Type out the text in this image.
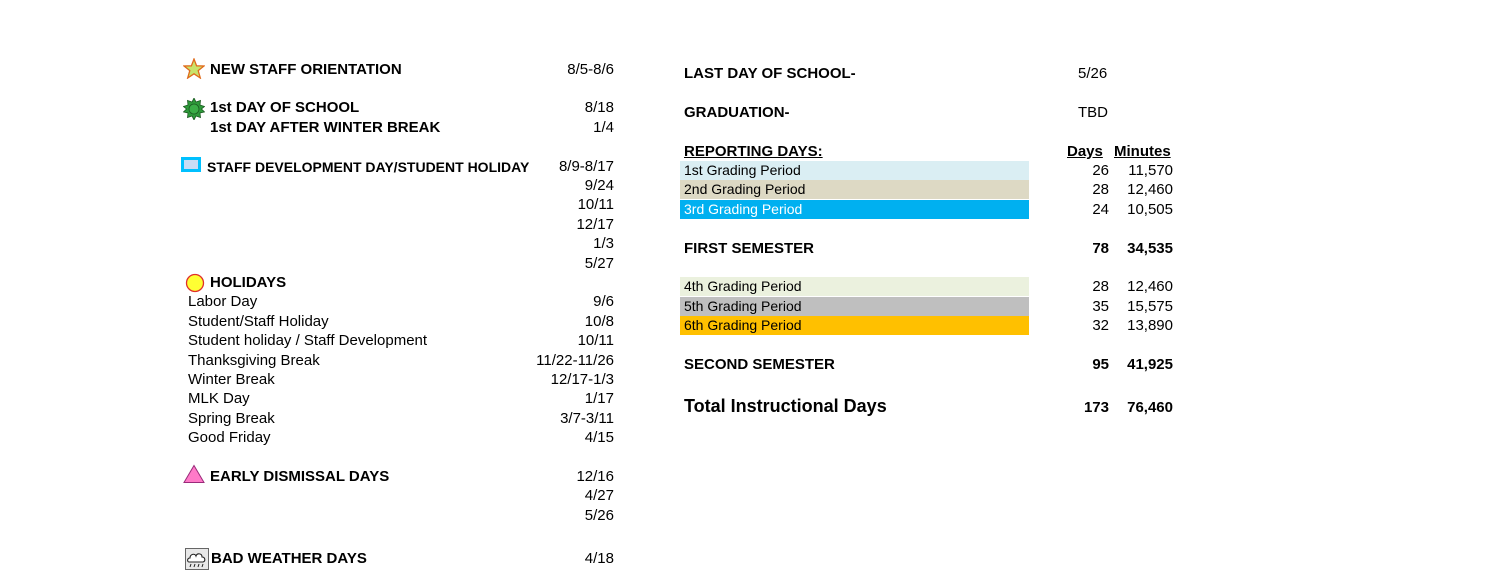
NEW STAFF ORIENTATION	8/5-8/6
1st DAY OF SCHOOL	8/18
1st DAY AFTER WINTER BREAK	1/4
STAFF DEVELOPMENT DAY/STUDENT HOLIDAY	8/9-8/17
9/24
10/11
12/17
1/3
5/27
HOLIDAYS
Labor Day	9/6
Student/Staff Holiday	10/8
Student holiday / Staff Development	10/11
Thanksgiving Break	11/22-11/26
Winter Break	12/17-1/3
MLK Day	1/17
Spring Break	3/7-3/11
Good Friday	4/15
EARLY DISMISSAL DAYS	12/16
4/27
5/26
BAD WEATHER DAYS	4/18
LAST DAY OF SCHOOL-	5/26
GRADUATION-	TBD
REPORTING DAYS:	Days Minutes
1st Grading Period	26	11,570
2nd Grading Period	28	12,460
3rd Grading Period	24	10,505
FIRST SEMESTER	78	34,535
4th Grading Period	28	12,460
5th Grading Period	35	15,575
6th Grading Period	32	13,890
SECOND SEMESTER	95	41,925
Total Instructional Days	173	76,460
